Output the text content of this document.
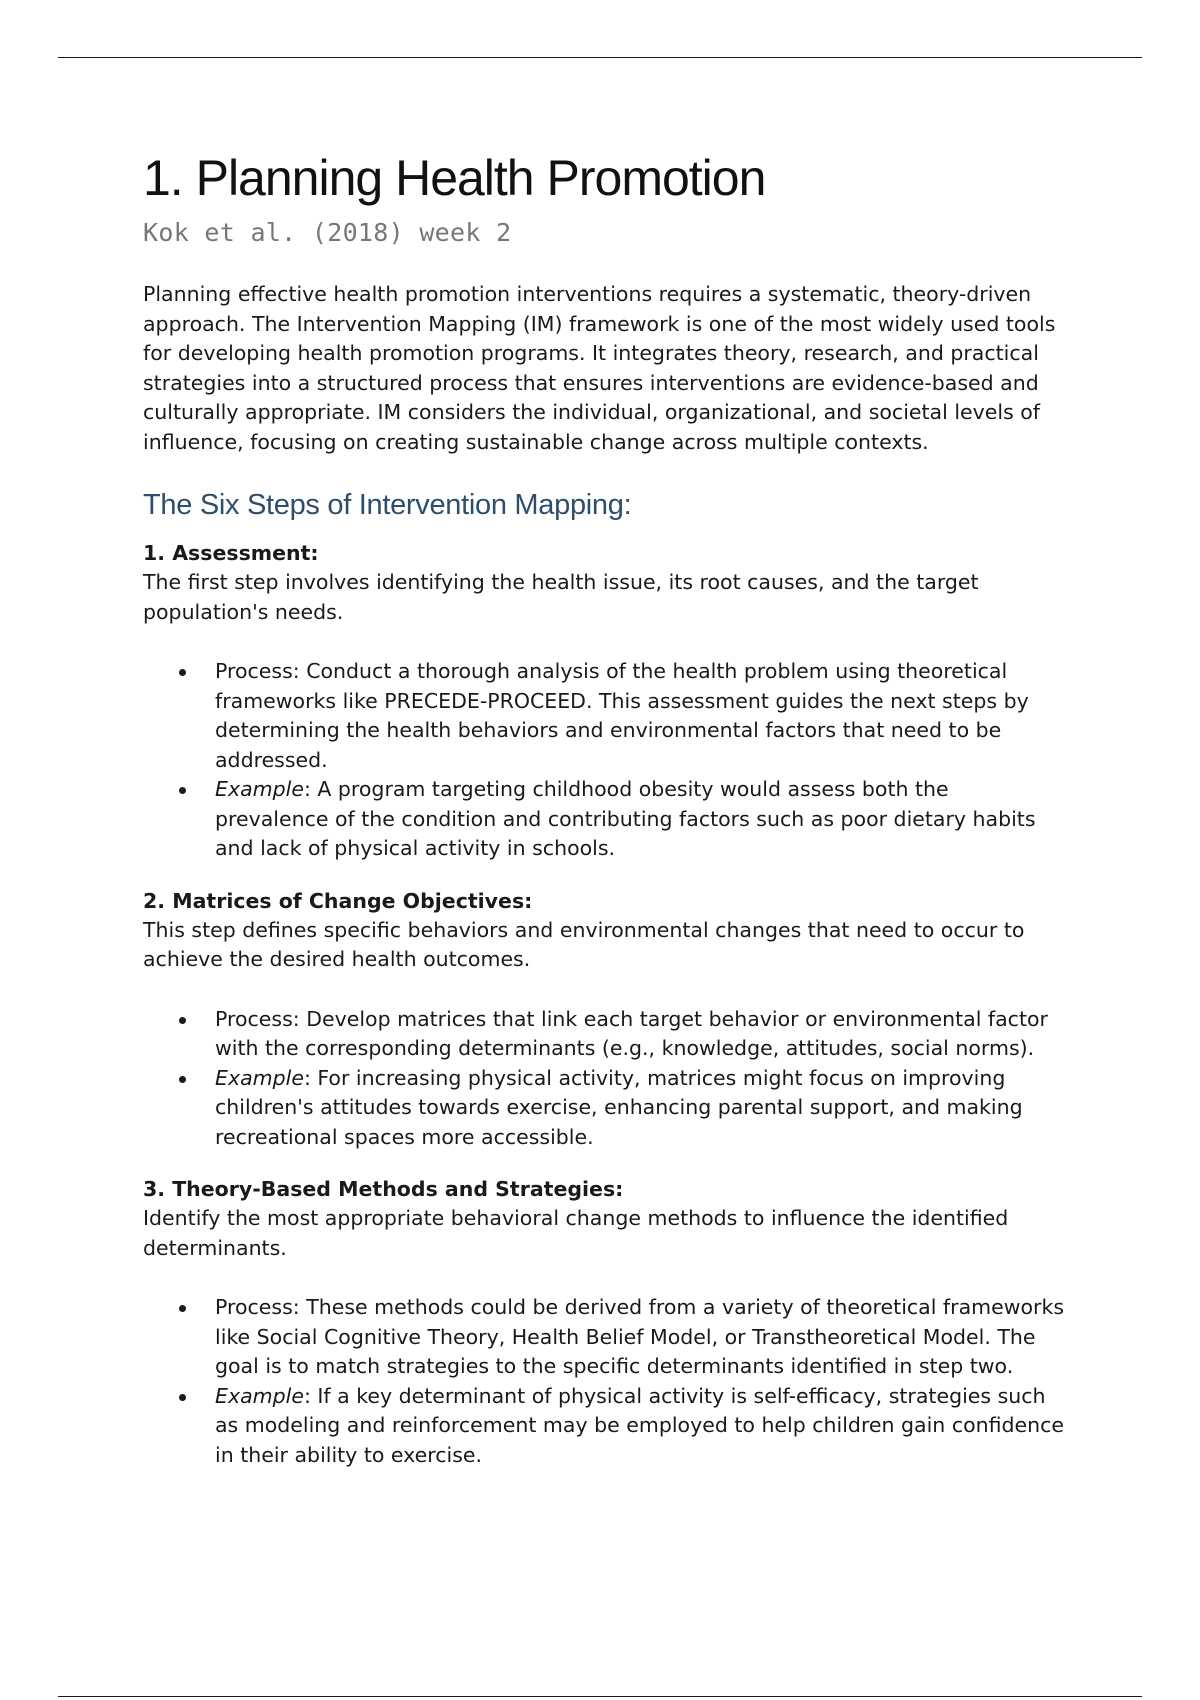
1. Planning Health Promotion
Kok et al. (2018) week 2

Planning effective health promotion interventions requires a systematic, theory-driven approach. The Intervention Mapping (IM) framework is one of the most widely used tools for developing health promotion programs. It integrates theory, research, and practical strategies into a structured process that ensures interventions are evidence-based and culturally appropriate. IM considers the individual, organizational, and societal levels of influence, focusing on creating sustainable change across multiple contexts.

The Six Steps of Intervention Mapping:

1. Assessment:

The first step involves identifying the health issue, its root causes, and the target population's needs.

Process: Conduct a thorough analysis of the health problem using theoretical frameworks like PRECEDE-PROCEED. This assessment guides the next steps by determining the health behaviors and environmental factors that need to be addressed.
Example: A program targeting childhood obesity would assess both the prevalence of the condition and contributing factors such as poor dietary habits and lack of physical activity in schools.

2. Matrices of Change Objectives:

This step defines specific behaviors and environmental changes that need to occur to achieve the desired health outcomes.

Process: Develop matrices that link each target behavior or environmental factor with the corresponding determinants (e.g., knowledge, attitudes, social norms).
Example: For increasing physical activity, matrices might focus on improving children's attitudes towards exercise, enhancing parental support, and making recreational spaces more accessible.

3. Theory-Based Methods and Strategies:

Identify the most appropriate behavioral change methods to influence the identified determinants.

Process: These methods could be derived from a variety of theoretical frameworks like Social Cognitive Theory, Health Belief Model, or Transtheoretical Model. The goal is to match strategies to the specific determinants identified in step two.
Example: If a key determinant of physical activity is self-efficacy, strategies such as modeling and reinforcement may be employed to help children gain confidence in their ability to exercise.
